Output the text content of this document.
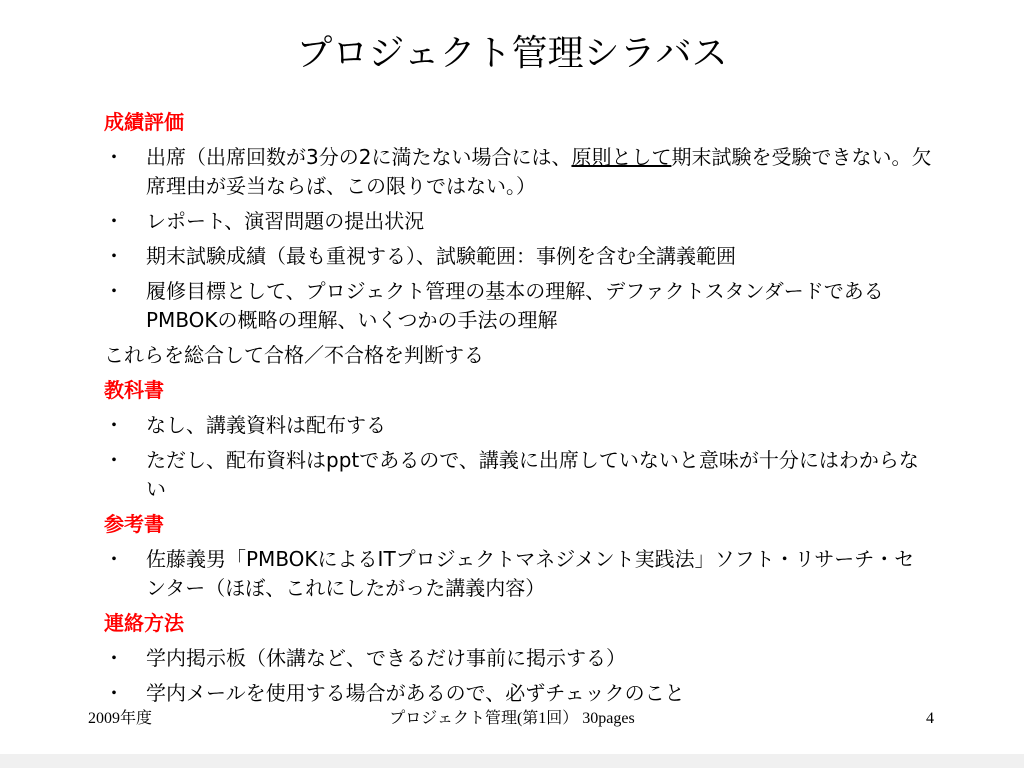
プロジェクト管理シラバス
成績評価
・ 出席（出席回数が3分の2に満たない場合には、原則として期末試験を受験できない。欠席理由が妥当ならば、この限りではない。）
・ レポート、演習問題の提出状況
・ 期末試験成績（最も重視する）、試験範囲：事例を含む全講義範囲
・ 履修目標として、プロジェクト管理の基本の理解、デファクトスタンダードであるPMBOKの概略の理解、いくつかの手法の理解
これらを総合して合格／不合格を判断する
教科書
・ なし、講義資料は配布する
・ ただし、配布資料はpptであるので、講義に出席していないと意味が十分にはわからない
参考書
・ 佐藤義男「PMBOKによるITプロジェクトマネジメント実践法」ソフト・リサーチ・センター（ほぼ、これにしたがった講義内容）
連絡方法
・ 学内掲示板（休講など、できるだけ事前に掲示する）
・ 学内メールを使用する場合があるので、必ずチェックのこと
2009年度	プロジェクト管理(第1回） 30pages	4
